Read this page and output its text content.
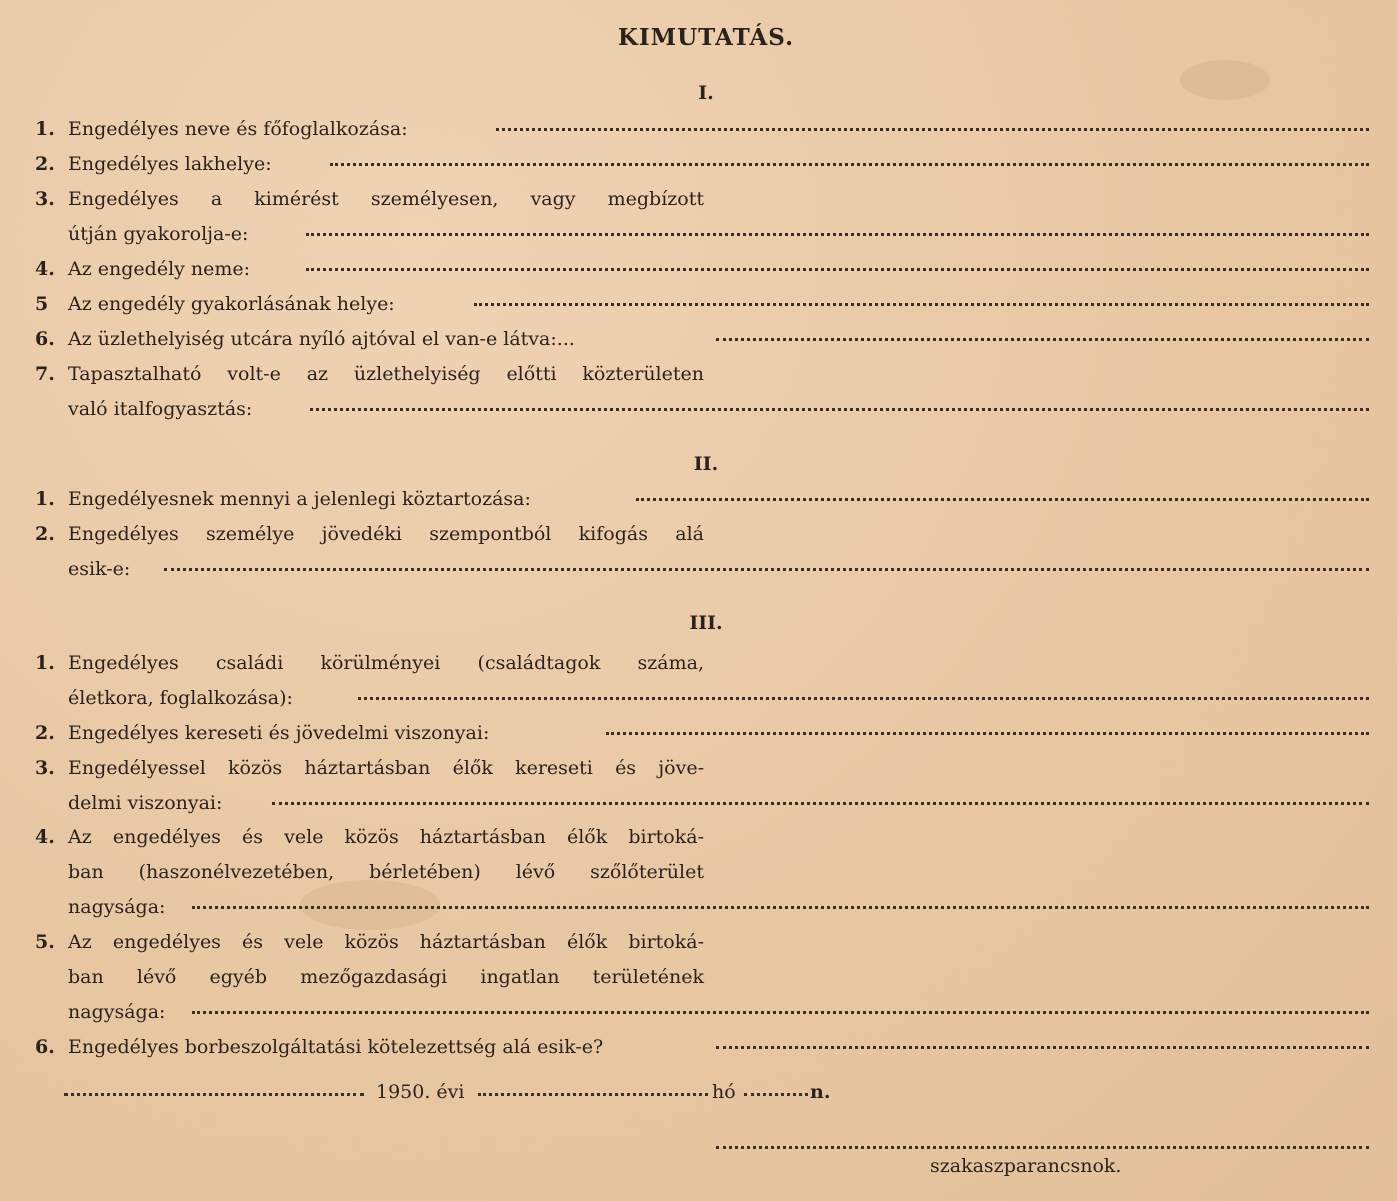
KIMUTATÁS.
I.
1. Engedélyes neve és főfoglalkozása:
2. Engedélyes lakhelye:
3. Engedélyes a kimérést személyesen, vagy megbízott
útján gyakorolja-e:
4. Az engedély neme:
5 Az engedély gyakorlásának helye:
6. Az üzlethelyiség utcára nyíló ajtóval el van-e látva:...
7. Tapasztalható volt-e az üzlethelyiség előtti közterületen
való italfogyasztás:
II.
1. Engedélyesnek mennyi a jelenlegi köztartozása:
2. Engedélyes személye jövedéki szempontból kifogás alá
esik-e:
III.
1. Engedélyes családi körülményei (családtagok száma,
életkora, foglalkozása):
2. Engedélyes kereseti és jövedelmi viszonyai:
3. Engedélyessel közös háztartásban élők kereseti és jöve-
delmi viszonyai:
4. Az engedélyes és vele közös háztartásban élők birtoká-
ban (haszonélvezetében, bérletében) lévő szőlőterület
nagysága:
5. Az engedélyes és vele közös háztartásban élők birtoká-
ban lévő egyéb mezőgazdasági ingatlan területének
nagysága:
6. Engedélyes borbeszolgáltatási kötelezettség alá esik-e?
1950. évi	hó	n.
szakaszparancsnok.
